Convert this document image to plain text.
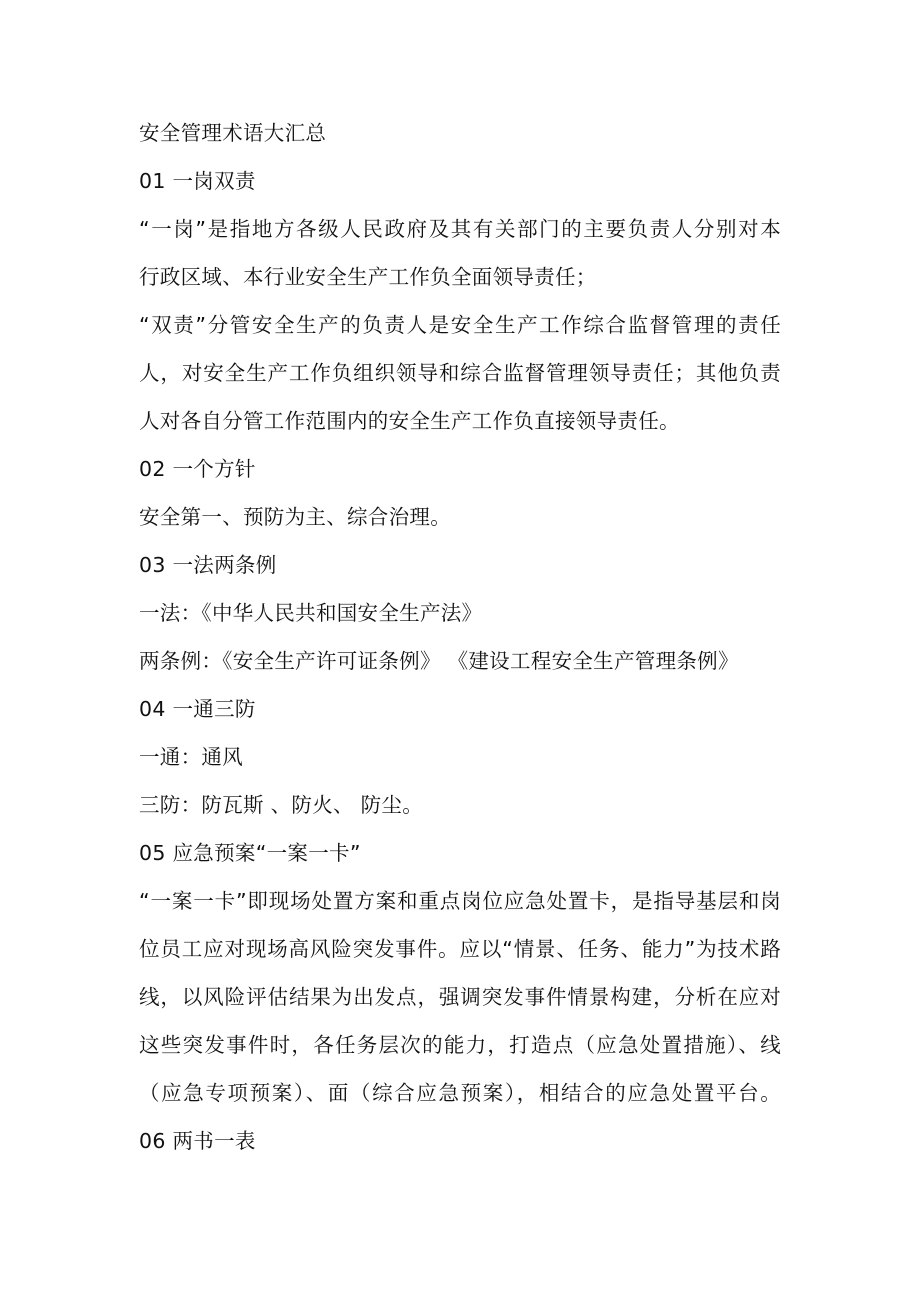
安全管理术语大汇总
01 一岗双责
“一岗”是指地方各级人民政府及其有关部门的主要负责人分别对本
行政区域、本行业安全生产工作负全面领导责任；
“双责”分管安全生产的负责人是安全生产工作综合监督管理的责任
人，对安全生产工作负组织领导和综合监督管理领导责任；其他负责
人对各自分管工作范围内的安全生产工作负直接领导责任。
02 一个方针
安全第一、预防为主、综合治理。
03 一法两条例
一法：《中华人民共和国安全生产法》
两条例：《安全生产许可证条例》 《建设工程安全生产管理条例》
04 一通三防
一通：通风
三防：防瓦斯 、防火、 防尘。
05 应急预案“一案一卡”
“一案一卡”即现场处置方案和重点岗位应急处置卡，是指导基层和岗
位员工应对现场高风险突发事件。应以“情景、任务、能力”为技术路
线，以风险评估结果为出发点，强调突发事件情景构建，分析在应对
这些突发事件时，各任务层次的能力，打造点（应急处置措施）、线
（应急专项预案）、面（综合应急预案），相结合的应急处置平台。
06 两书一表
